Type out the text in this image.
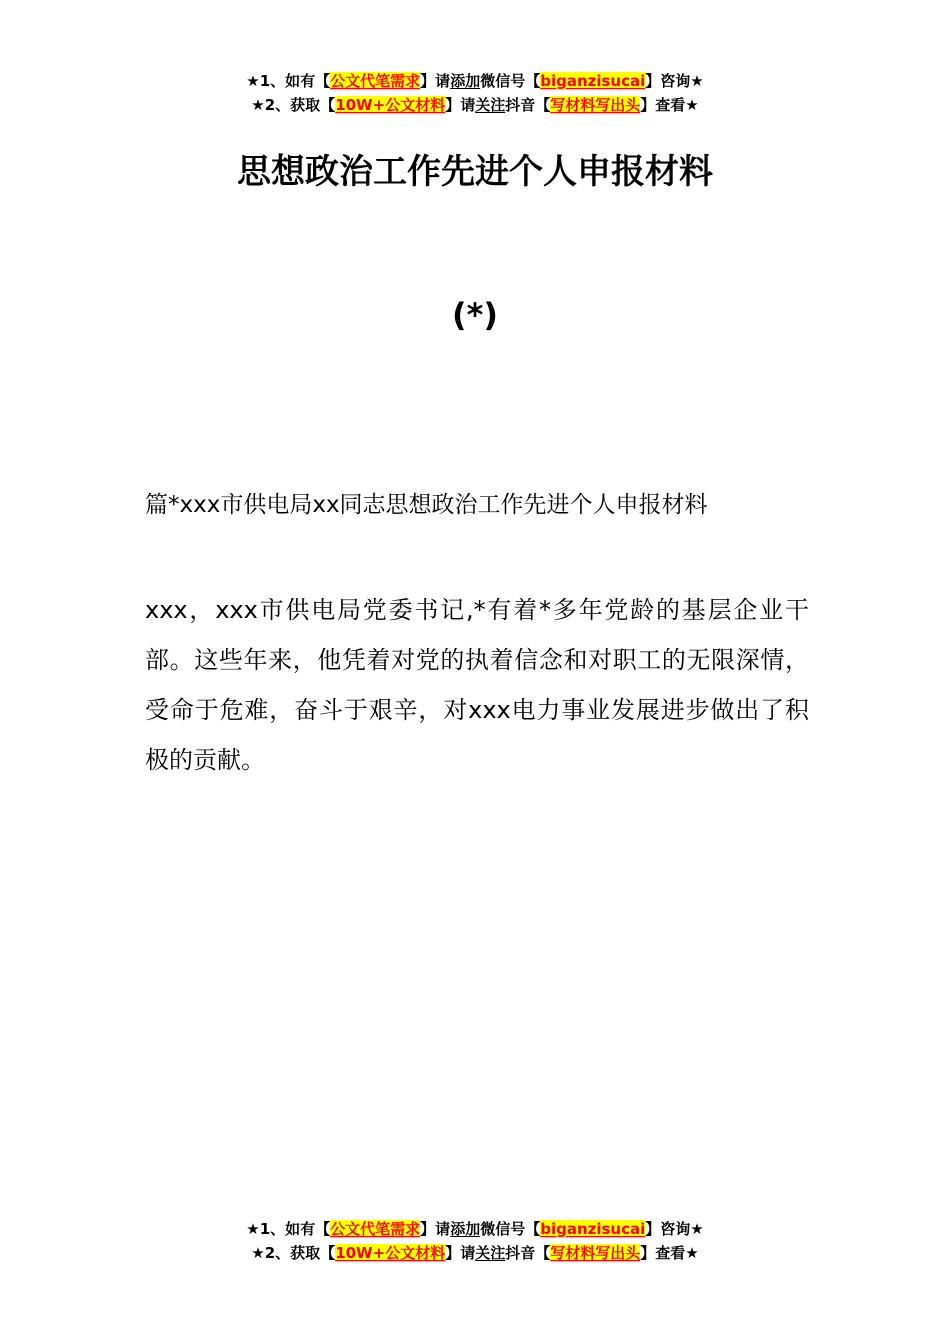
★1、如有【公文代笔需求】请添加微信号【biganzisucai】咨询★
★2、获取【10W+公文材料】请关注抖音【写材料写出头】查看★
思想政治工作先进个人申报材料
(*)
篇*xxx市供电局xx同志思想政治工作先进个人申报材料
xxx，xxx市供电局党委书记,*有着*多年党龄的基层企业干部。这些年来，他凭着对党的执着信念和对职工的无限深情，受命于危难，奋斗于艰辛，对xxx电力事业发展进步做出了积极的贡献。
★1、如有【公文代笔需求】请添加微信号【biganzisucai】咨询★
★2、获取【10W+公文材料】请关注抖音【写材料写出头】查看★
